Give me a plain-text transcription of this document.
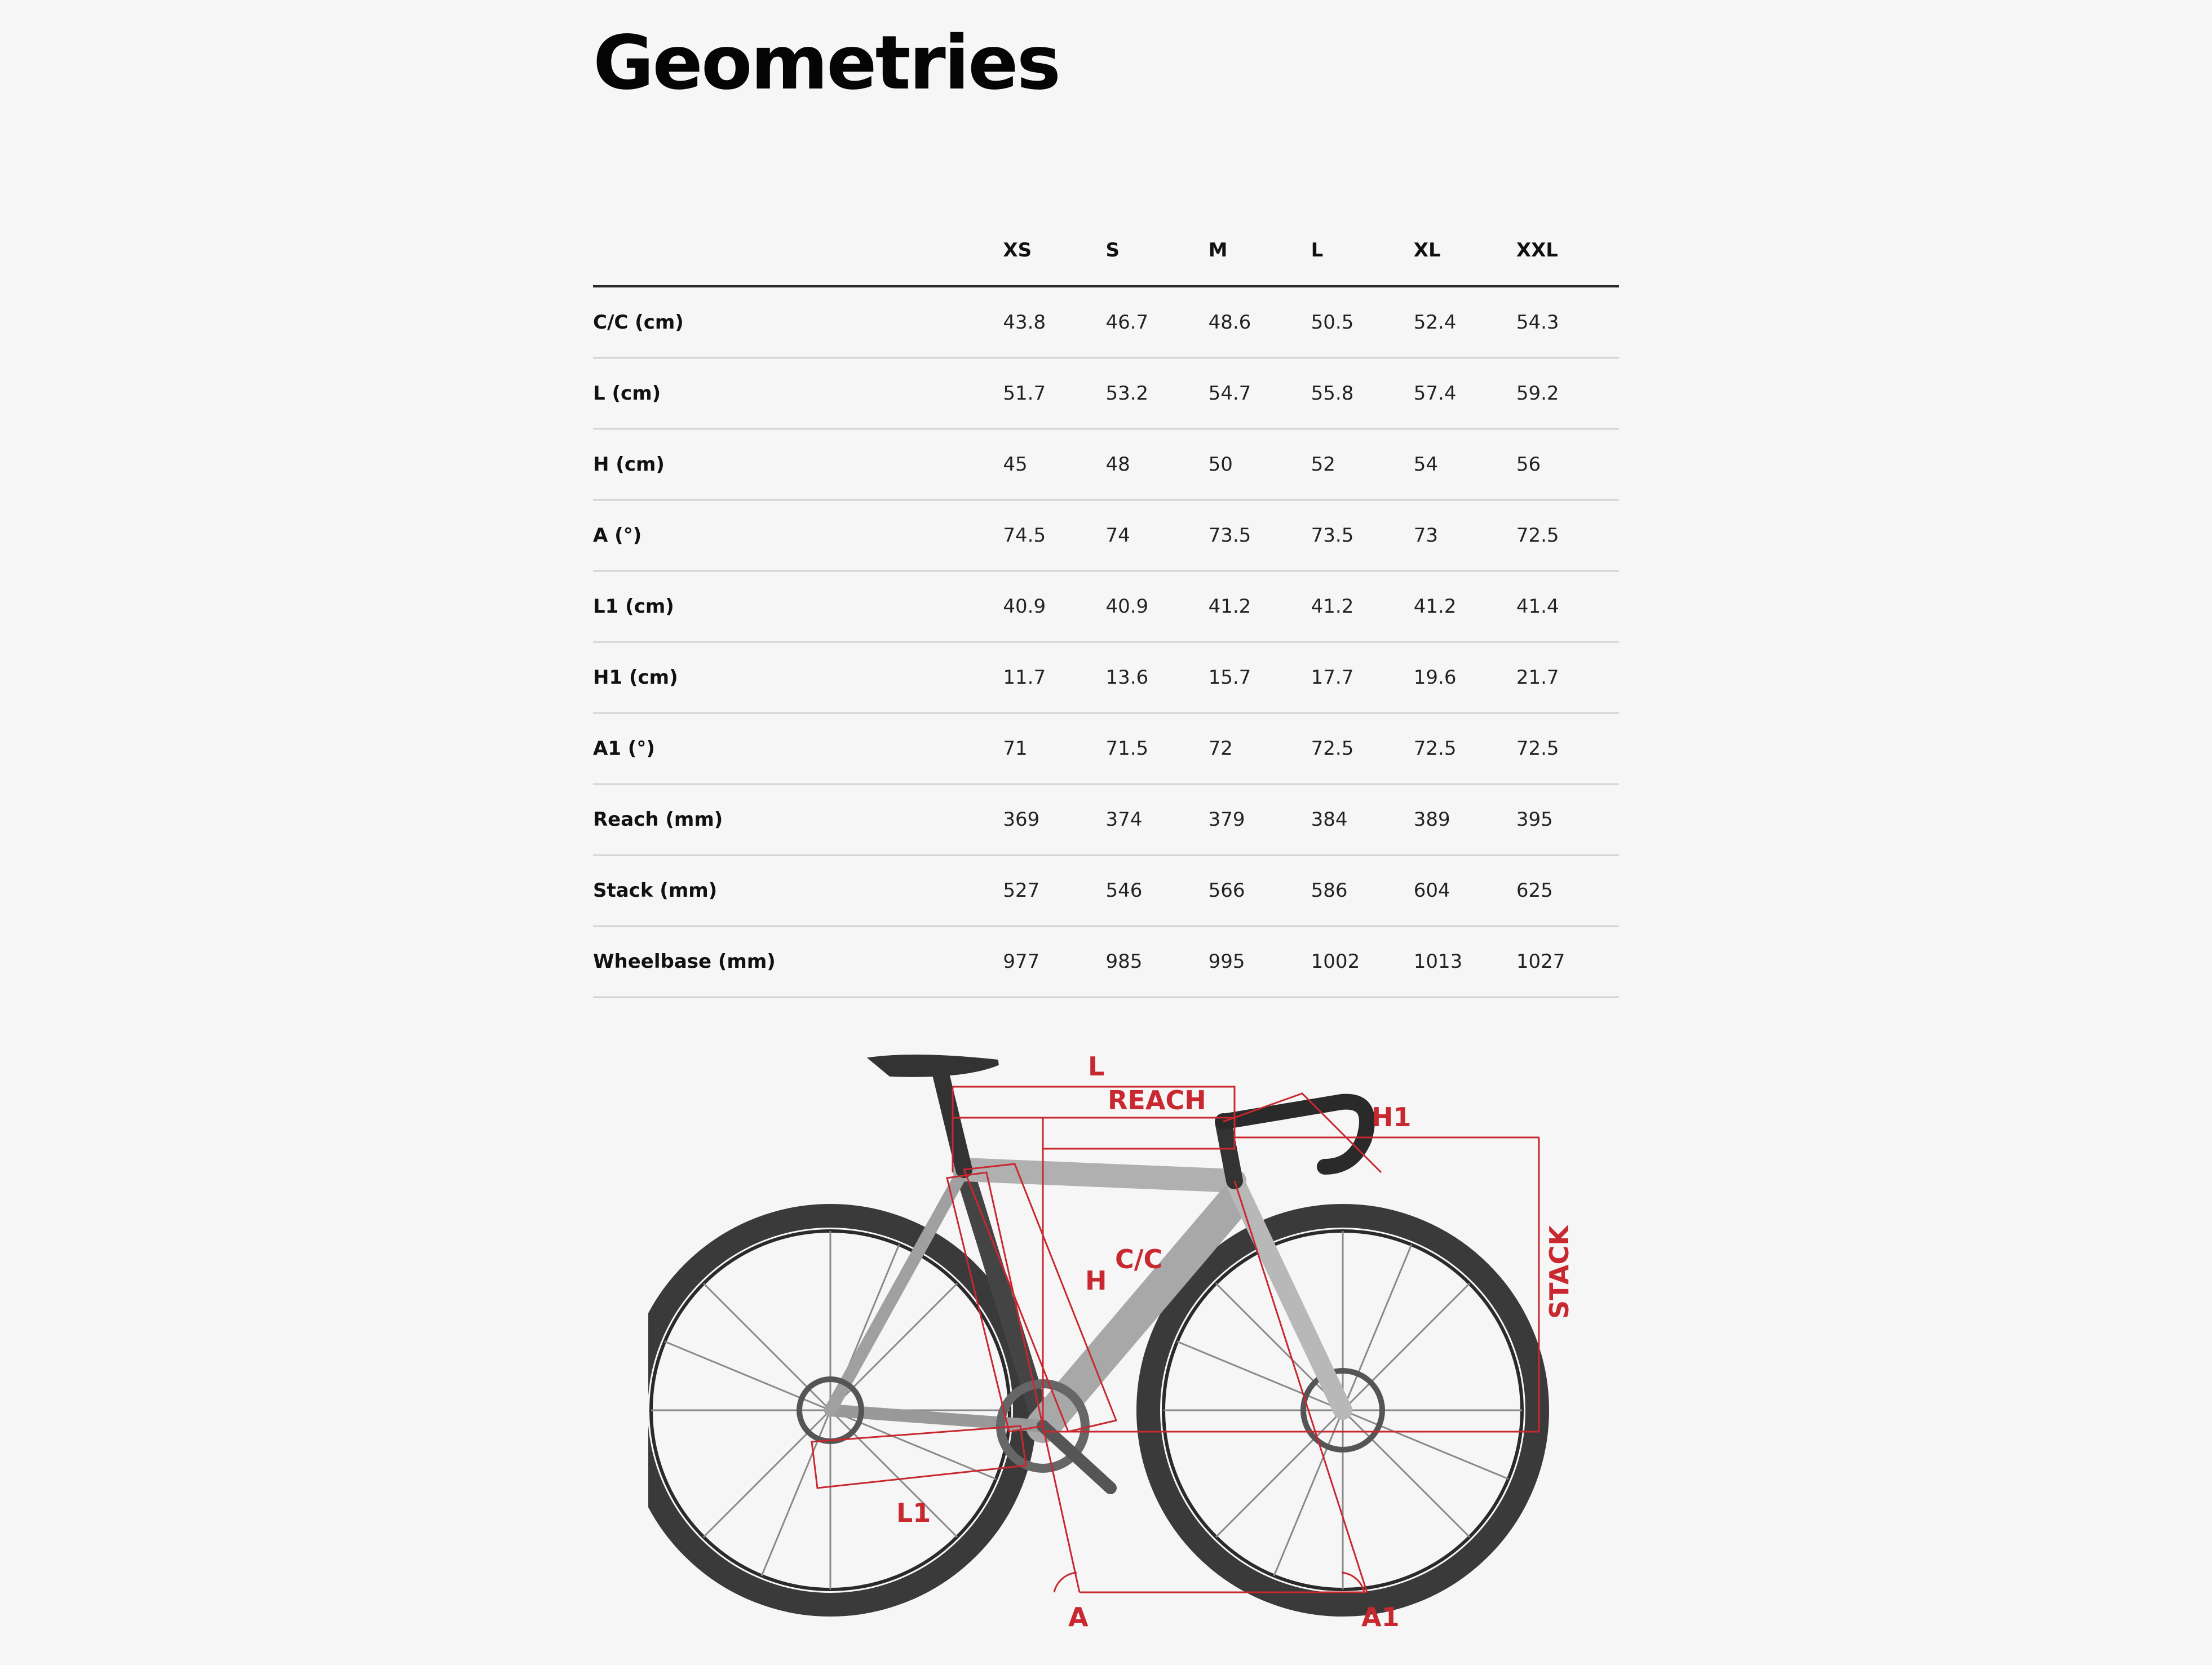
Geometries
	XS	S	M	L	XL	XXL
C/C (cm)	43.8	46.7	48.6	50.5	52.4	54.3
L (cm)	51.7	53.2	54.7	55.8	57.4	59.2
H (cm)	45	48	50	52	54	56
A (°)	74.5	74	73.5	73.5	73	72.5
L1 (cm)	40.9	40.9	41.2	41.2	41.2	41.4
H1 (cm)	11.7	13.6	15.7	17.7	19.6	21.7
A1 (°)	71	71.5	72	72.5	72.5	72.5
Reach (mm)	369	374	379	384	389	395
Stack (mm)	527	546	566	586	604	625
Wheelbase (mm)	977	985	995	1002	1013	1027
L
REACH
H1
C/C
H	STACK
L1
A	A1
